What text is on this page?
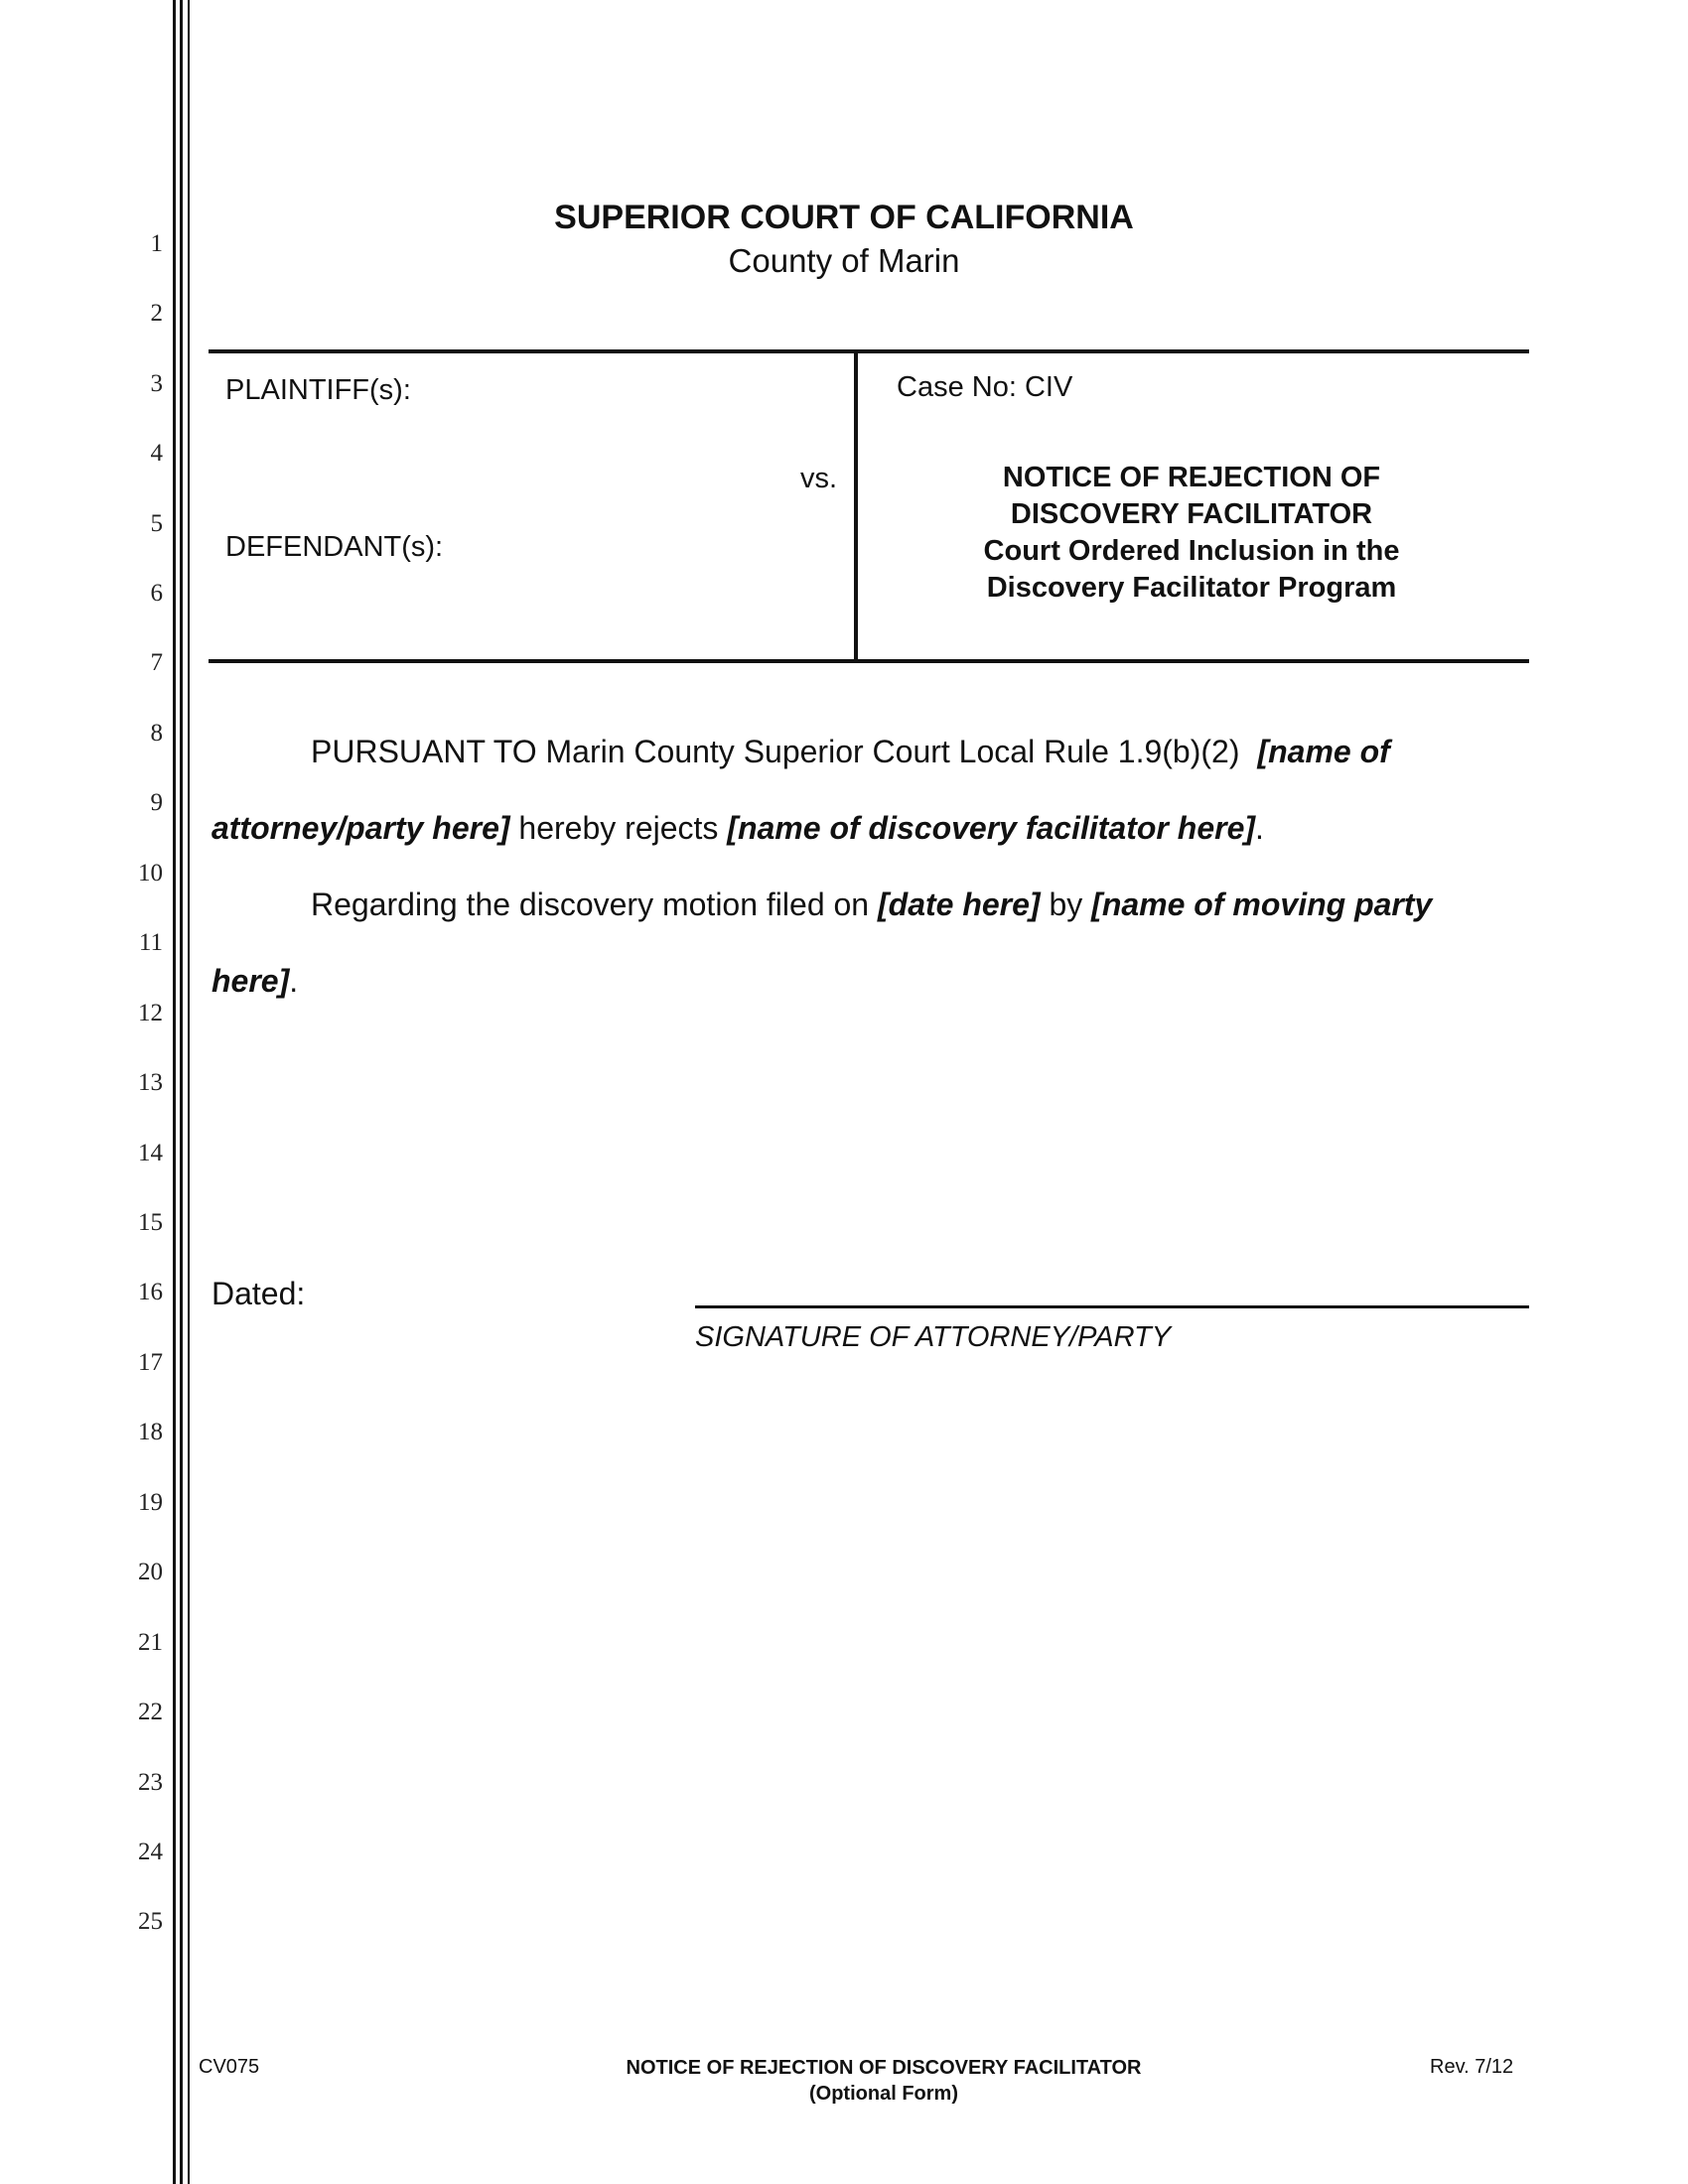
1
2
3
4
5
6
7
8
9
10
11
12
13
14
15
16
17
18
19
20
21
22
23
24
25
SUPERIOR COURT OF CALIFORNIA
County of Marin
PLAINTIFF(s):
vs.
DEFENDANT(s):
Case No: CIV
NOTICE OF REJECTION OF
DISCOVERY FACILITATOR
Court Ordered Inclusion in the
Discovery Facilitator Program
PURSUANT TO Marin County Superior Court Local Rule 1.9(b)(2) [name of
attorney/party here] hereby rejects [name of discovery facilitator here].
Regarding the discovery motion filed on [date here] by [name of moving party
here].
Dated:
SIGNATURE OF ATTORNEY/PARTY
CV075	NOTICE OF REJECTION OF DISCOVERY FACILITATOR
(Optional Form)
Rev. 7/12
